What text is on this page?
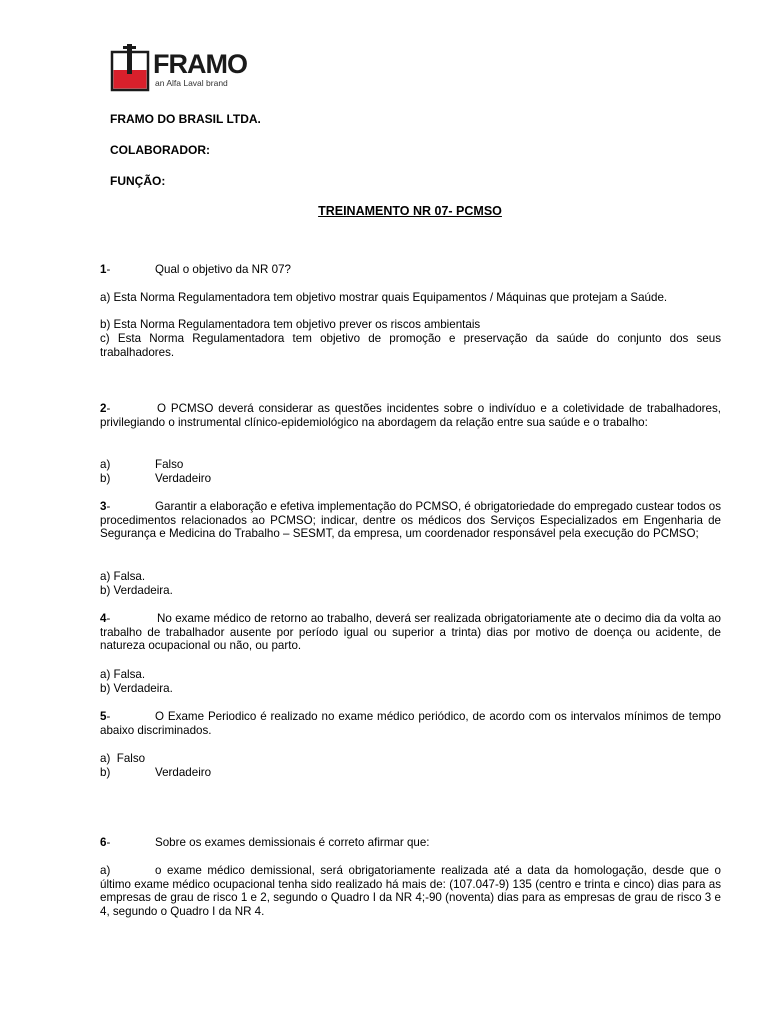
FRAMO
an Alfa Laval brand
FRAMO DO BRASIL LTDA.
COLABORADOR:
FUNÇÃO:
TREINAMENTO NR 07- PCMSO
1-	Qual o objetivo da NR 07?
a) Esta Norma Regulamentadora tem objetivo mostrar quais Equipamentos / Máquinas que protejam a Saúde.
b) Esta Norma Regulamentadora tem objetivo prever os riscos ambientais
c) Esta Norma Regulamentadora tem objetivo de promoção e preservação da saúde do conjunto dos seus trabalhadores.
2-	O PCMSO deverá considerar as questões incidentes sobre o indivíduo e a coletividade de trabalhadores, privilegiando o instrumental clínico-epidemiológico na abordagem da relação entre sua saúde e o trabalho:
a)	Falso
b)	Verdadeiro
3-	Garantir a elaboração e efetiva implementação do PCMSO, é obrigatoriedade do empregado custear todos os procedimentos relacionados ao PCMSO; indicar, dentre os médicos dos Serviços Especializados em Engenharia de Segurança e Medicina do Trabalho – SESMT, da empresa, um coordenador responsável pela execução do PCMSO;
a) Falsa.
b) Verdadeira.
4-	No exame médico de retorno ao trabalho, deverá ser realizada obrigatoriamente ate o decimo dia da volta ao trabalho de trabalhador ausente por período igual ou superior a trinta) dias por motivo de doença ou acidente, de natureza ocupacional ou não, ou parto.
a) Falsa.
b) Verdadeira.
5-	O Exame Periodico é realizado no exame médico periódico, de acordo com os intervalos mínimos de tempo abaixo discriminados.
a) Falso
b)	Verdadeiro
6-	Sobre os exames demissionais é correto afirmar que:
a)	o exame médico demissional, será obrigatoriamente realizada até a data da homologação, desde que o último exame médico ocupacional tenha sido realizado há mais de: (107.047-9) 135 (centro e trinta e cinco) dias para as empresas de grau de risco 1 e 2, segundo o Quadro I da NR 4;-90 (noventa) dias para as empresas de grau de risco 3 e 4, segundo o Quadro I da NR 4.
